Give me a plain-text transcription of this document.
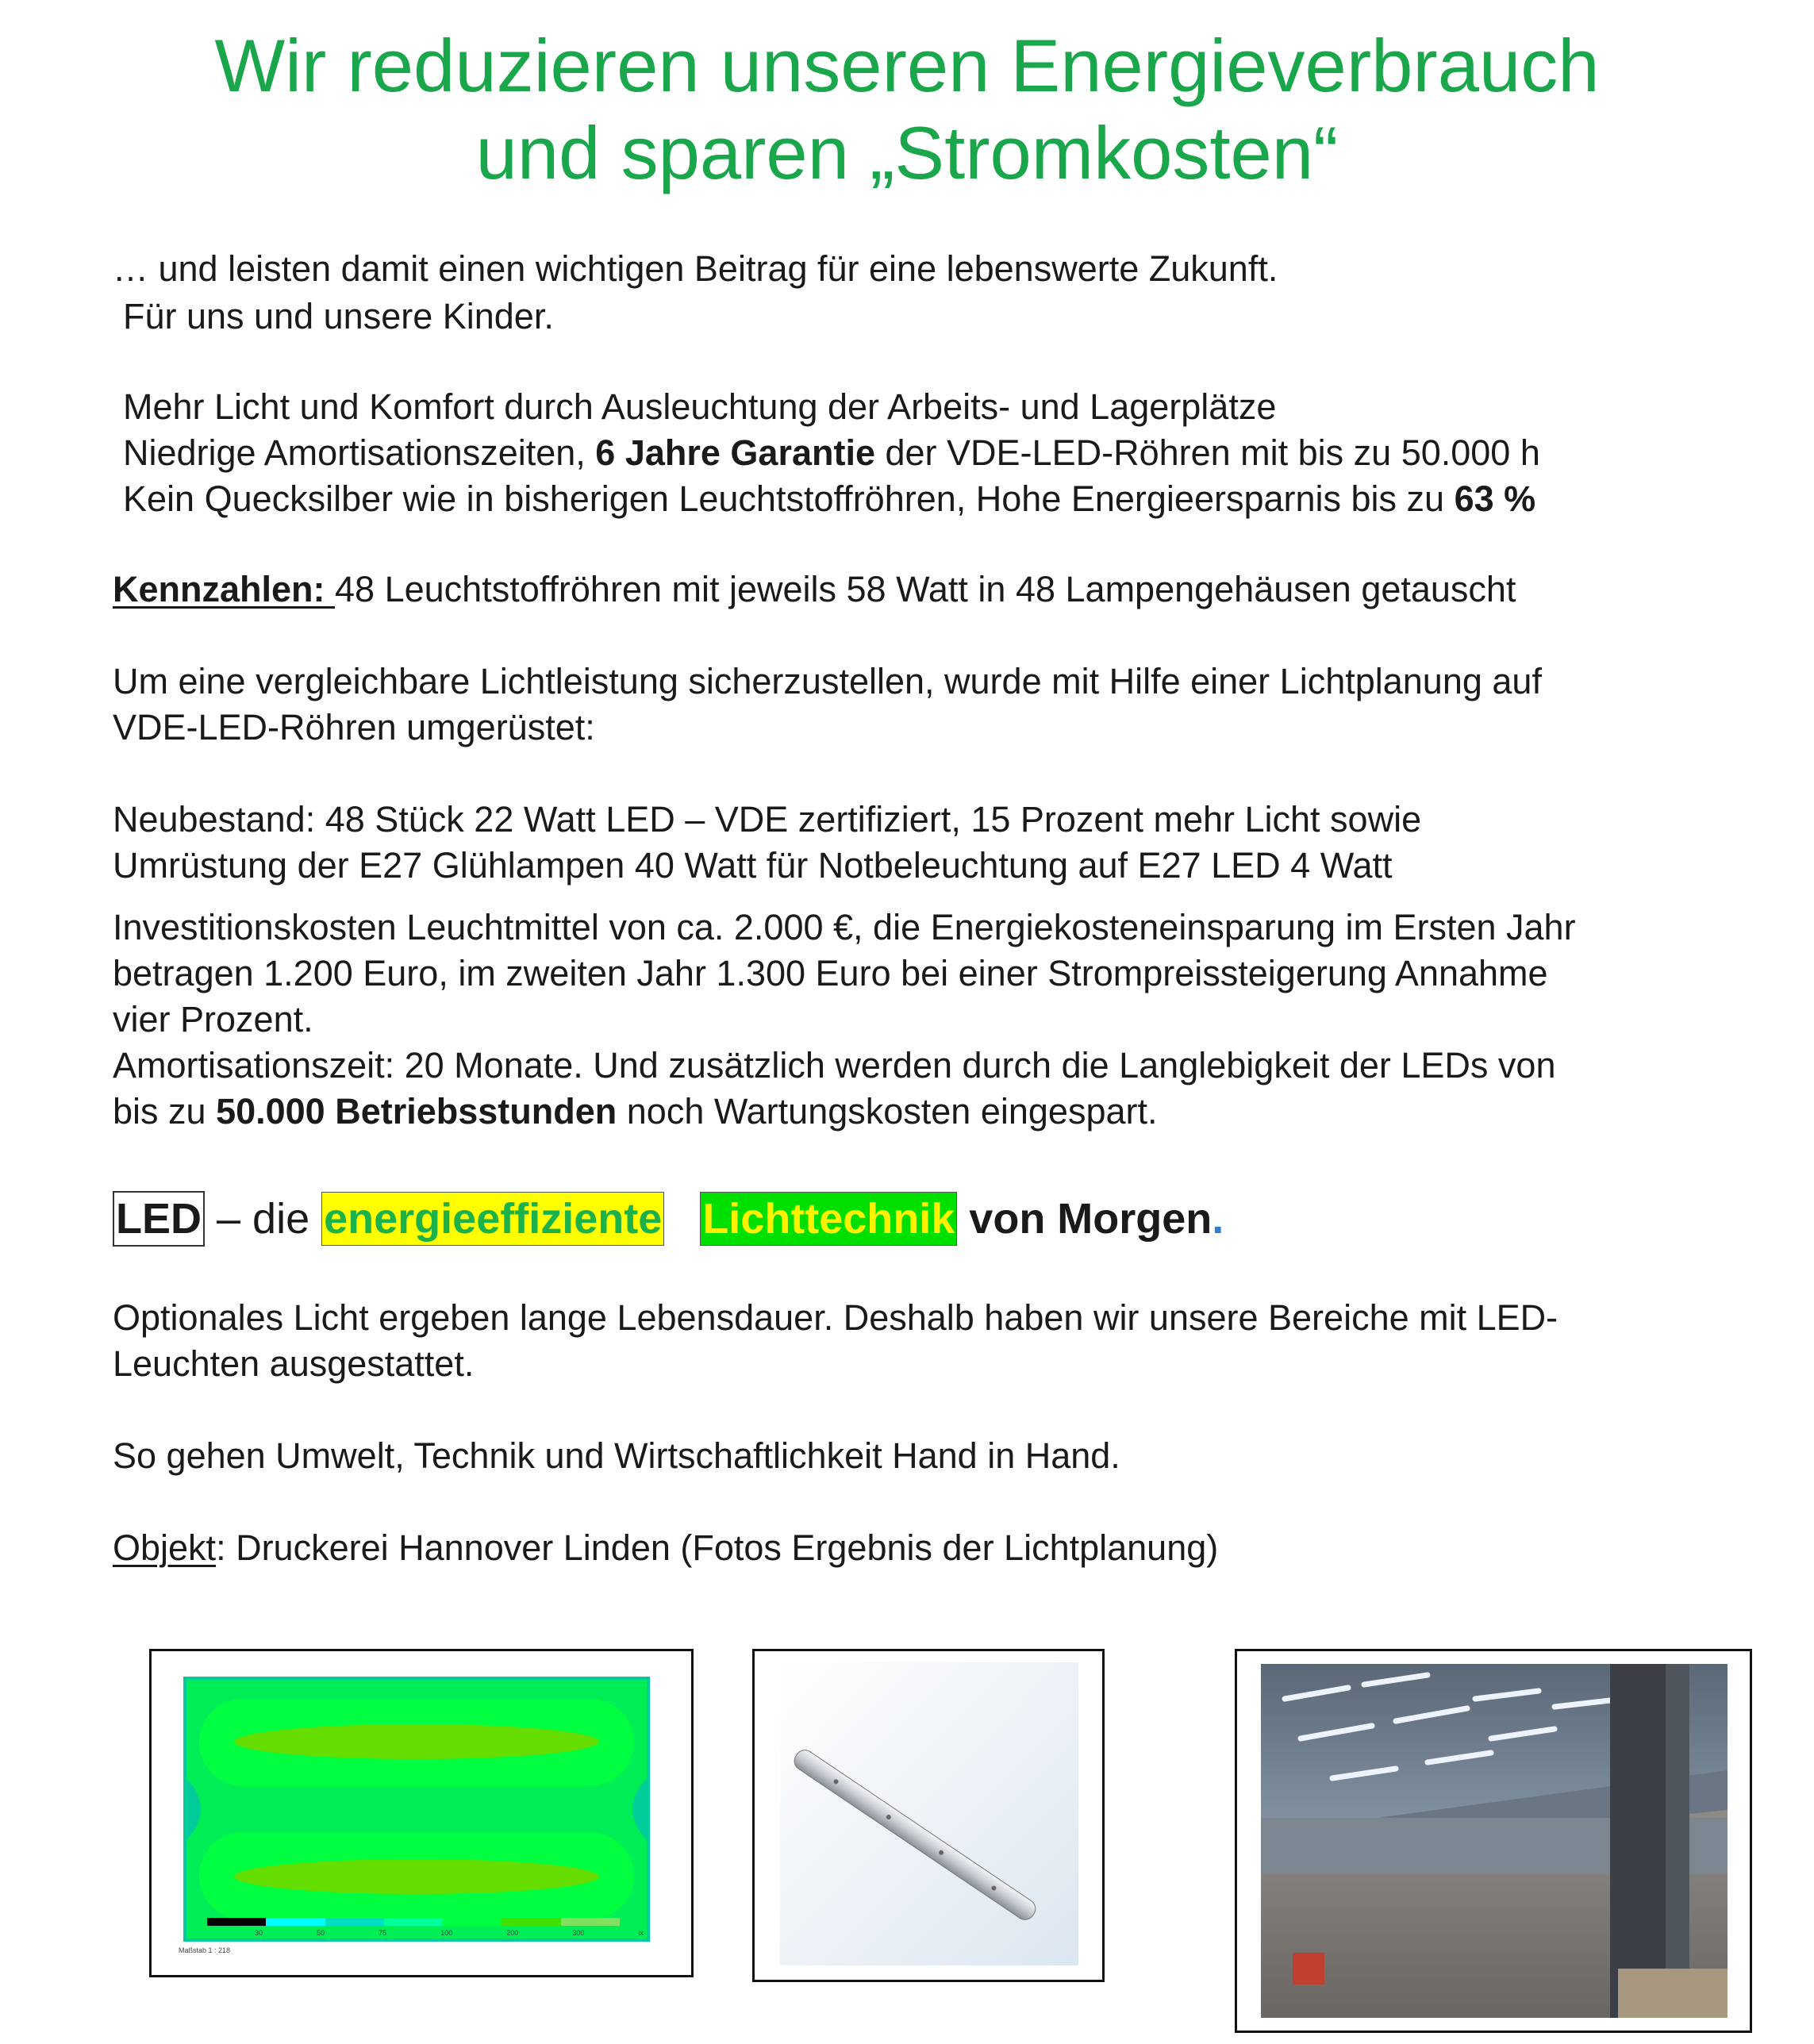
Wir reduzieren unseren Energieverbrauch
und sparen „Stromkosten“
… und leisten damit einen wichtigen Beitrag für eine lebenswerte Zukunft.
Für uns und unsere Kinder.
Mehr Licht und Komfort durch Ausleuchtung der Arbeits- und Lagerplätze
Niedrige Amortisationszeiten, 6 Jahre Garantie der VDE-LED-Röhren mit bis zu 50.000 h
Kein Quecksilber wie in bisherigen Leuchtstoffröhren, Hohe Energieersparnis bis zu 63 %
Kennzahlen: 48 Leuchtstoffröhren mit jeweils 58 Watt in 48 Lampengehäusen getauscht
Um eine vergleichbare Lichtleistung sicherzustellen, wurde mit Hilfe einer Lichtplanung auf
VDE-LED-Röhren umgerüstet:
Neubestand: 48 Stück 22 Watt LED – VDE zertifiziert, 15 Prozent mehr Licht sowie
Umrüstung der E27 Glühlampen 40 Watt für Notbeleuchtung auf E27 LED 4 Watt
Investitionskosten Leuchtmittel von ca. 2.000 €, die Energiekosteneinsparung im Ersten Jahr
betragen 1.200 Euro, im zweiten Jahr 1.300 Euro bei einer Strompreissteigerung Annahme
vier Prozent.
Amortisationszeit: 20 Monate. Und zusätzlich werden durch die Langlebigkeit der LEDs von
bis zu 50.000 Betriebsstunden noch Wartungskosten eingespart.
LED – die energieeffiziente Lichttechnik von Morgen.
Optionales Licht ergeben lange Lebensdauer. Deshalb haben wir unsere Bereiche mit LED-
Leuchten ausgestattet.
So gehen Umwelt, Technik und Wirtschaftlichkeit Hand in Hand.
Objekt: Druckerei Hannover Linden (Fotos Ergebnis der Lichtplanung)
30	50	75	100	200	300	lx
Maßstab 1 : 218
